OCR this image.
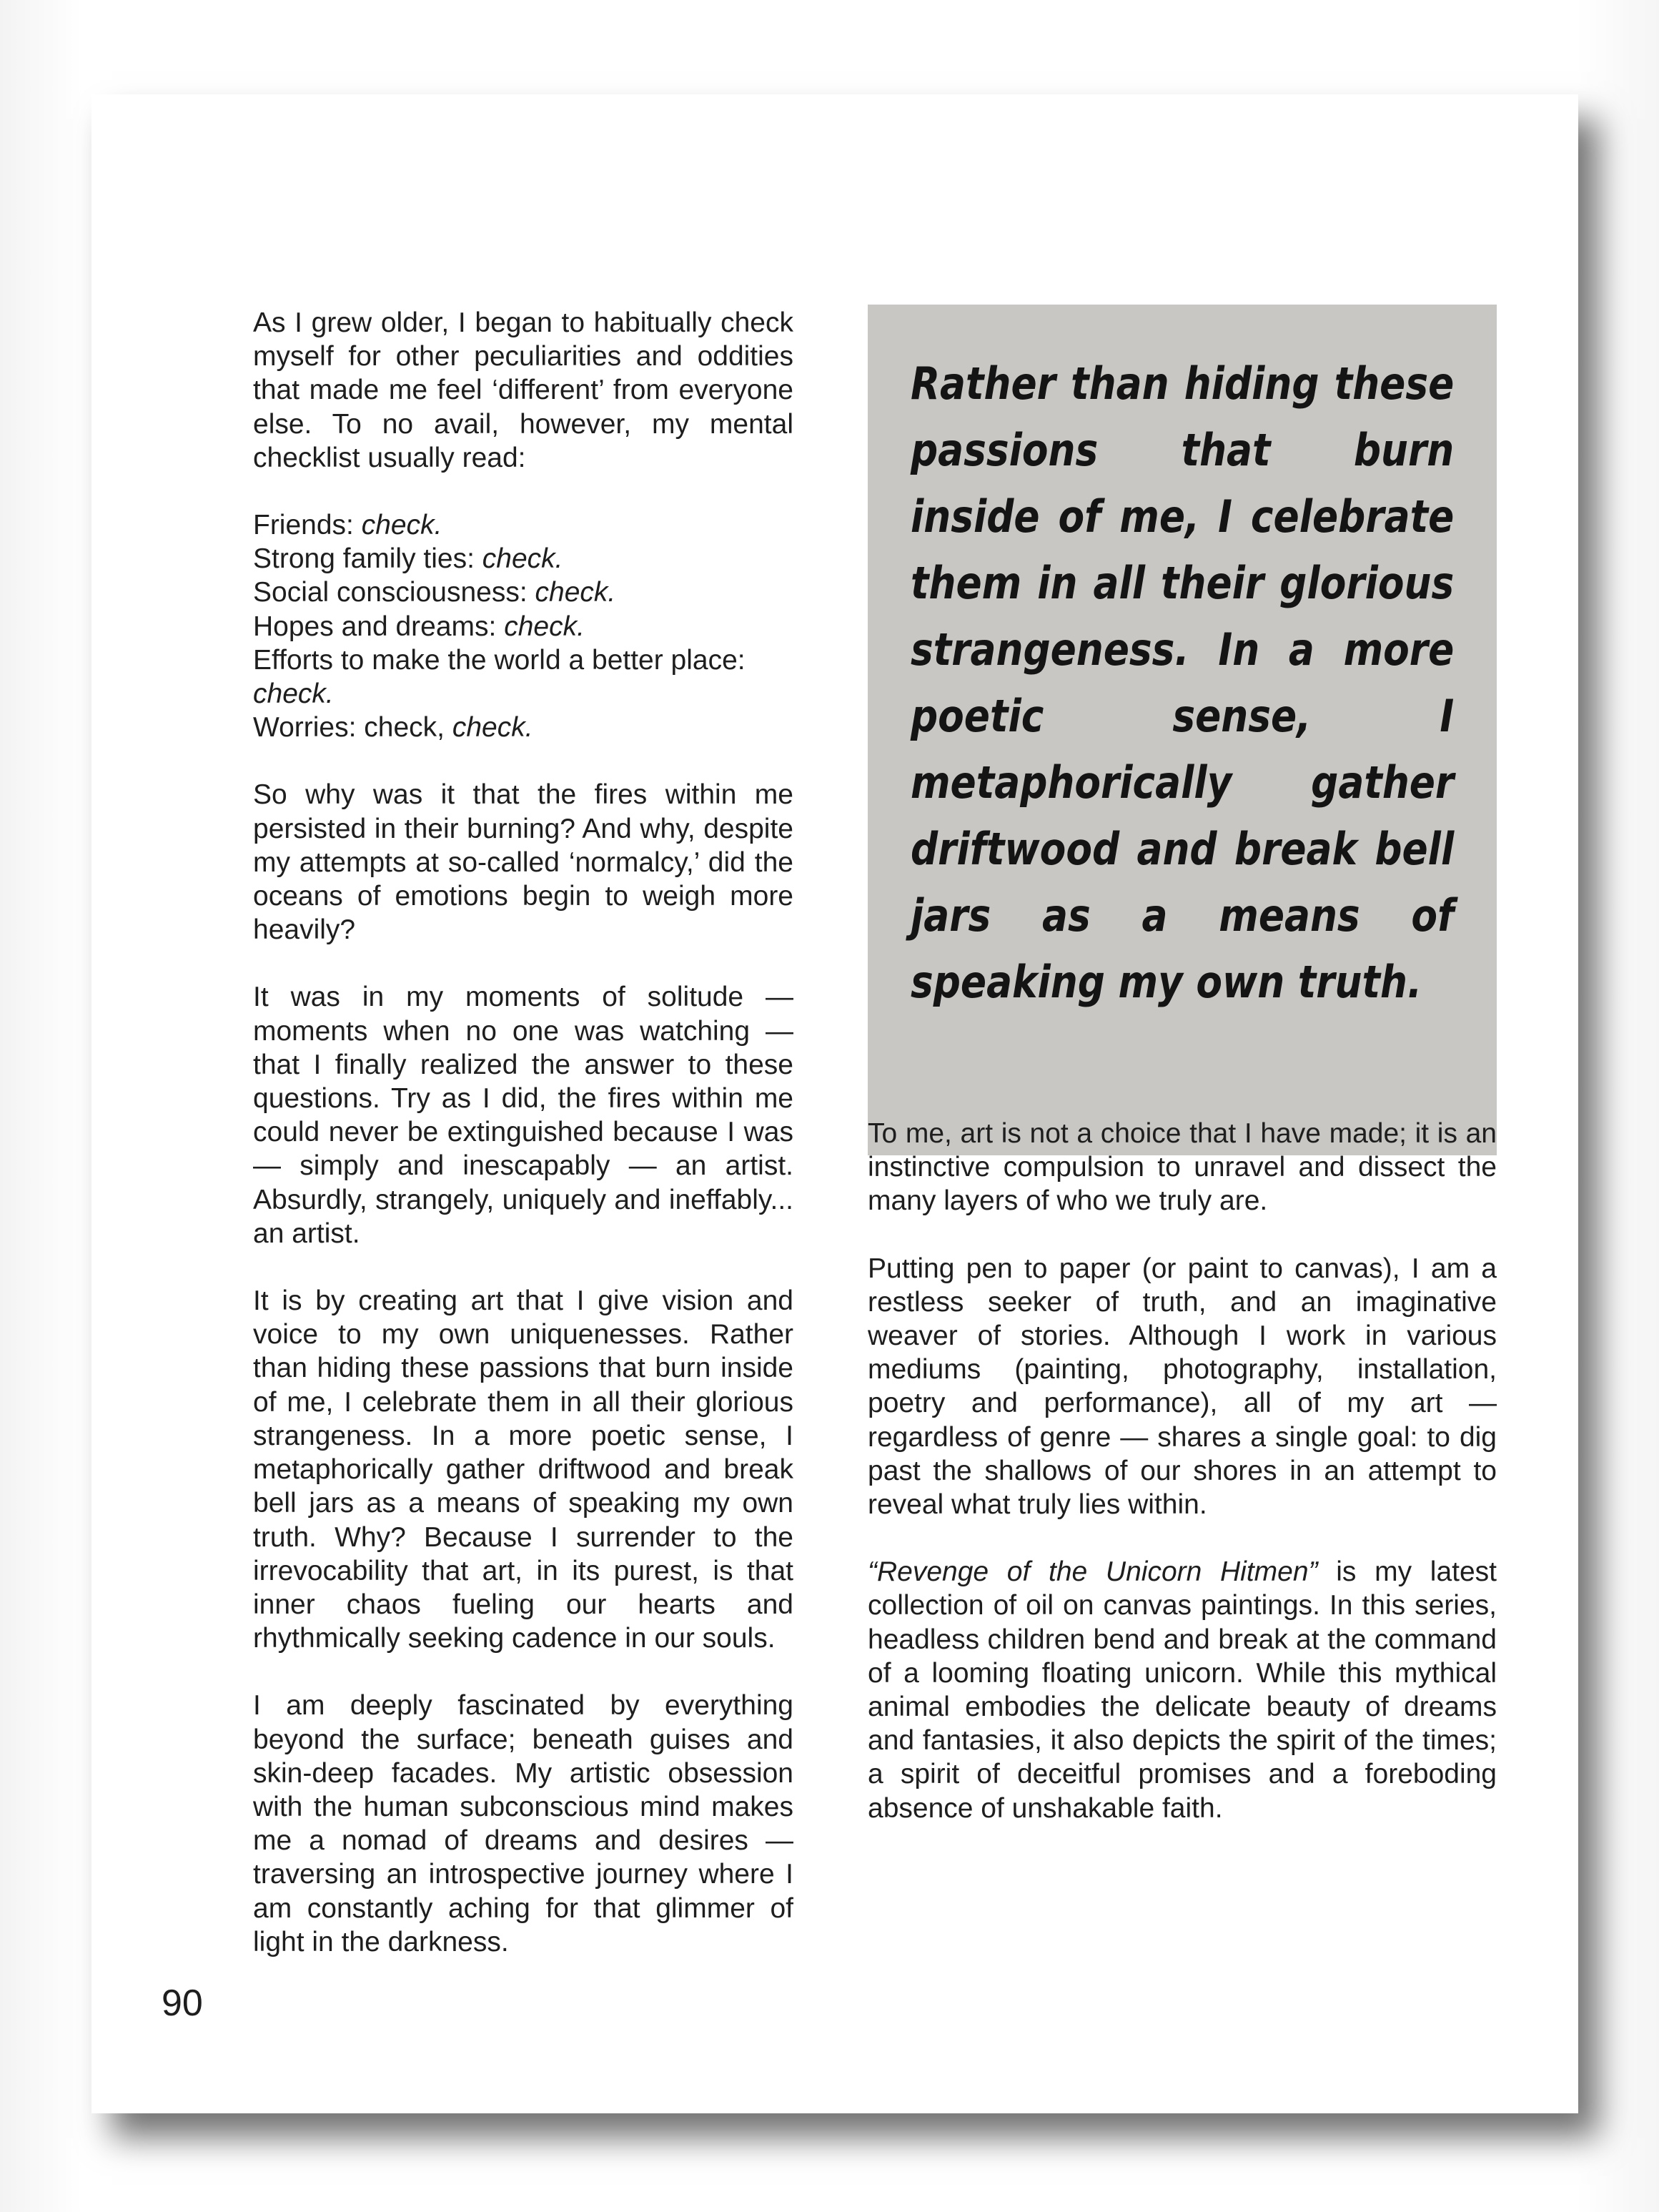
As I grew older, I began to habitually check myself for other peculiarities and oddities that made me feel ‘different’ from everyone else. To no avail, however, my mental checklist usually read:

Friends: check.
Strong family ties: check.
Social consciousness: check.
Hopes and dreams: check.
Efforts to make the world a better place: check.
Worries: check, check.

So why was it that the fires within me persisted in their burning? And why, despite my attempts at so-called ‘normalcy,’ did the oceans of emotions begin to weigh more heavily?

It was in my moments of solitude — moments when no one was watching — that I finally realized the answer to these questions. Try as I did, the fires within me could never be extinguished because I was — simply and inescapably — an artist. Absurdly, strangely, uniquely and ineffably... an artist.

It is by creating art that I give vision and voice to my own uniquenesses. Rather than hiding these passions that burn inside of me, I celebrate them in all their glorious strangeness. In a more poetic sense, I metaphorically gather driftwood and break bell jars as a means of speaking my own truth. Why? Because I surrender to the irrevocability that art, in its purest, is that inner chaos fueling our hearts and rhythmically seeking cadence in our souls.

I am deeply fascinated by everything beyond the surface; beneath guises and skin-deep facades. My artistic obsession with the human subconscious mind makes me a nomad of dreams and desires — traversing an introspective journey where I am constantly aching for that glimmer of light in the darkness.

Rather than hiding these passions that burn inside of me, I celebrate them in all their glorious strangeness. In a more poetic sense, I metaphorically gather driftwood and break bell jars as a means of speaking my own truth.

To me, art is not a choice that I have made; it is an instinctive compulsion to unravel and dissect the many layers of who we truly are.

Putting pen to paper (or paint to canvas), I am a restless seeker of truth, and an imaginative weaver of stories. Although I work in various mediums (painting, photography, installation, poetry and performance), all of my art — regardless of genre — shares a single goal: to dig past the shallows of our shores in an attempt to reveal what truly lies within.

“Revenge of the Unicorn Hitmen” is my latest collection of oil on canvas paintings. In this series, headless children bend and break at the command of a looming floating unicorn. While this mythical animal embodies the delicate beauty of dreams and fantasies, it also depicts the spirit of the times; a spirit of deceitful promises and a foreboding absence of unshakable faith.

90
